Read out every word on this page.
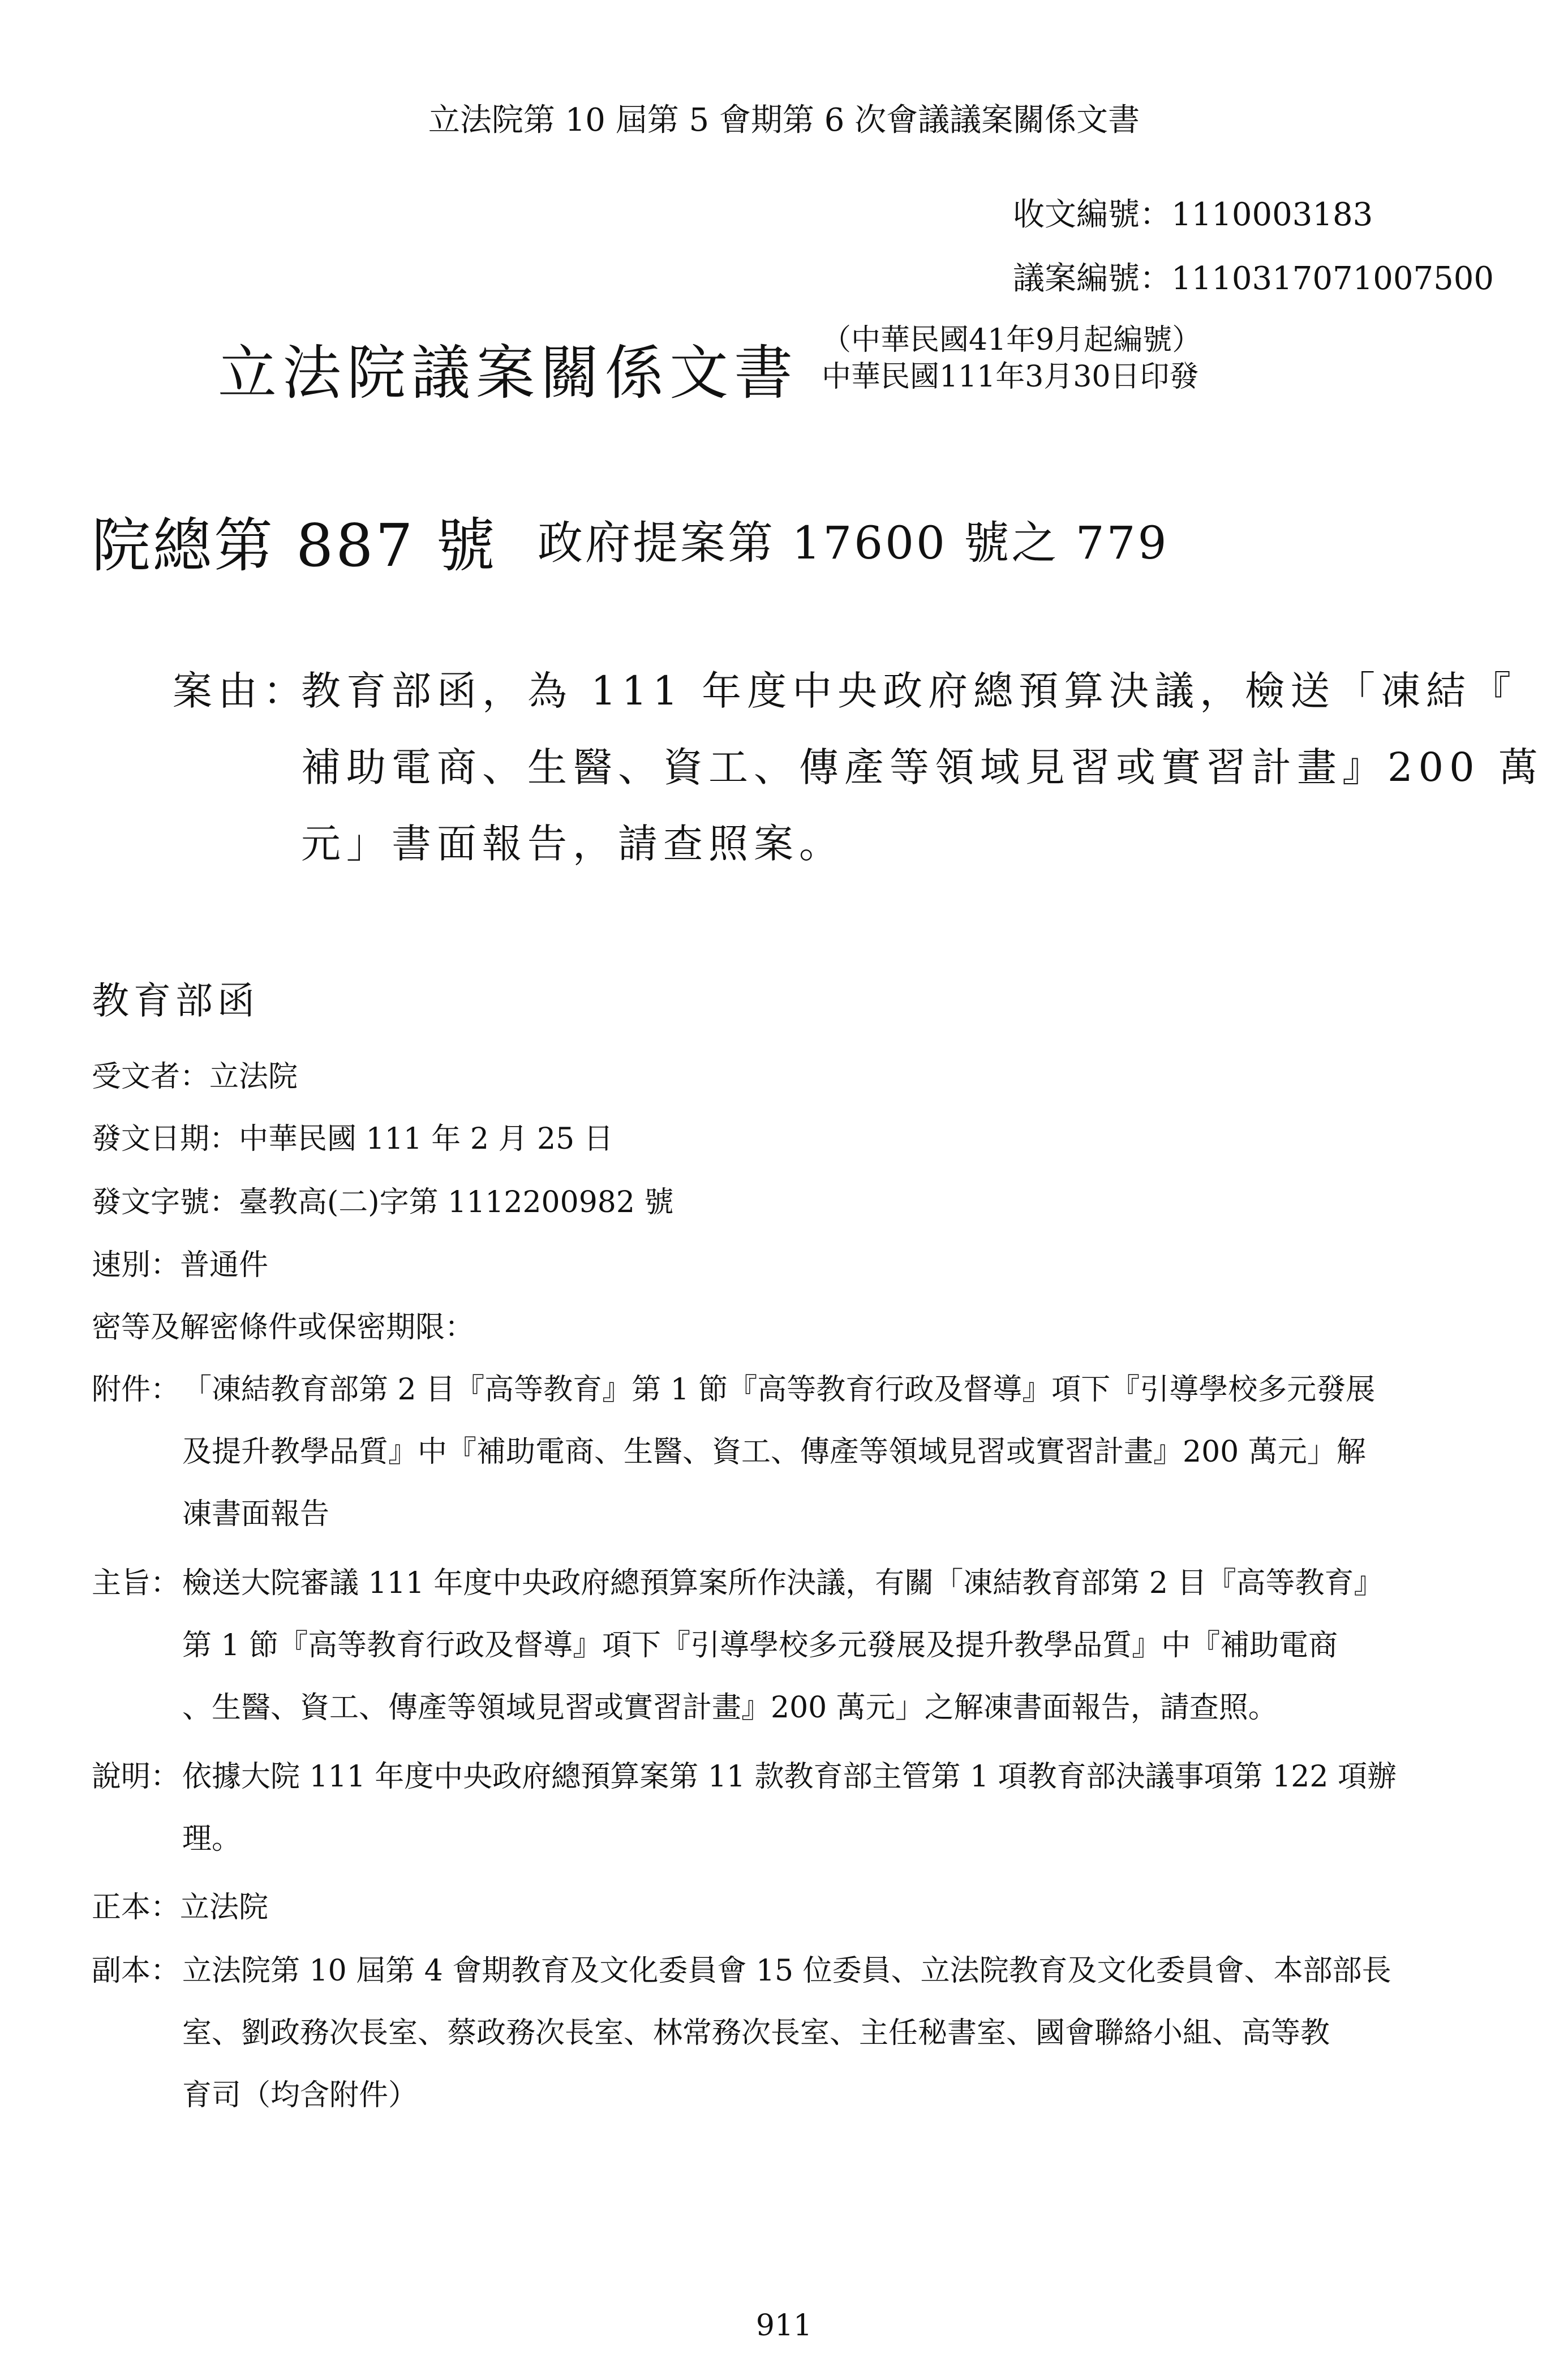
立法院第 10 屆第 5 會期第 6 次會議議案關係文書
收文編號：1110003183
議案編號：1110317071007500
立法院議案關係文書 （中華民國41年9月起編號）
中華民國111年3月30日印發
院總第 887 號 政府提案第 17600 號之 779
案由：
教育部函，為 111 年度中央政府總預算決議，檢送「凍結『
補助電商、生醫、資工、傳產等領域見習或實習計畫』200 萬
元」書面報告，請查照案。
教育部函
受文者：立法院
發文日期：中華民國 111 年 2 月 25 日
發文字號：臺教高(二)字第 1112200982 號
速別：普通件
密等及解密條件或保密期限：
附件： 「凍結教育部第 2 目『高等教育』第 1 節『高等教育行政及督導』項下『引導學校多元發展
及提升教學品質』中『補助電商、生醫、資工、傳產等領域見習或實習計畫』200 萬元」解
凍書面報告
主旨： 檢送大院審議 111 年度中央政府總預算案所作決議，有關「凍結教育部第 2 目『高等教育』
第 1 節『高等教育行政及督導』項下『引導學校多元發展及提升教學品質』中『補助電商
、生醫、資工、傳產等領域見習或實習計畫』200 萬元」之解凍書面報告，請查照。
說明： 依據大院 111 年度中央政府總預算案第 11 款教育部主管第 1 項教育部決議事項第 122 項辦
理。
正本：立法院
副本： 立法院第 10 屆第 4 會期教育及文化委員會 15 位委員、立法院教育及文化委員會、本部部長
室、劉政務次長室、蔡政務次長室、林常務次長室、主任秘書室、國會聯絡小組、高等教
育司（均含附件）
911
